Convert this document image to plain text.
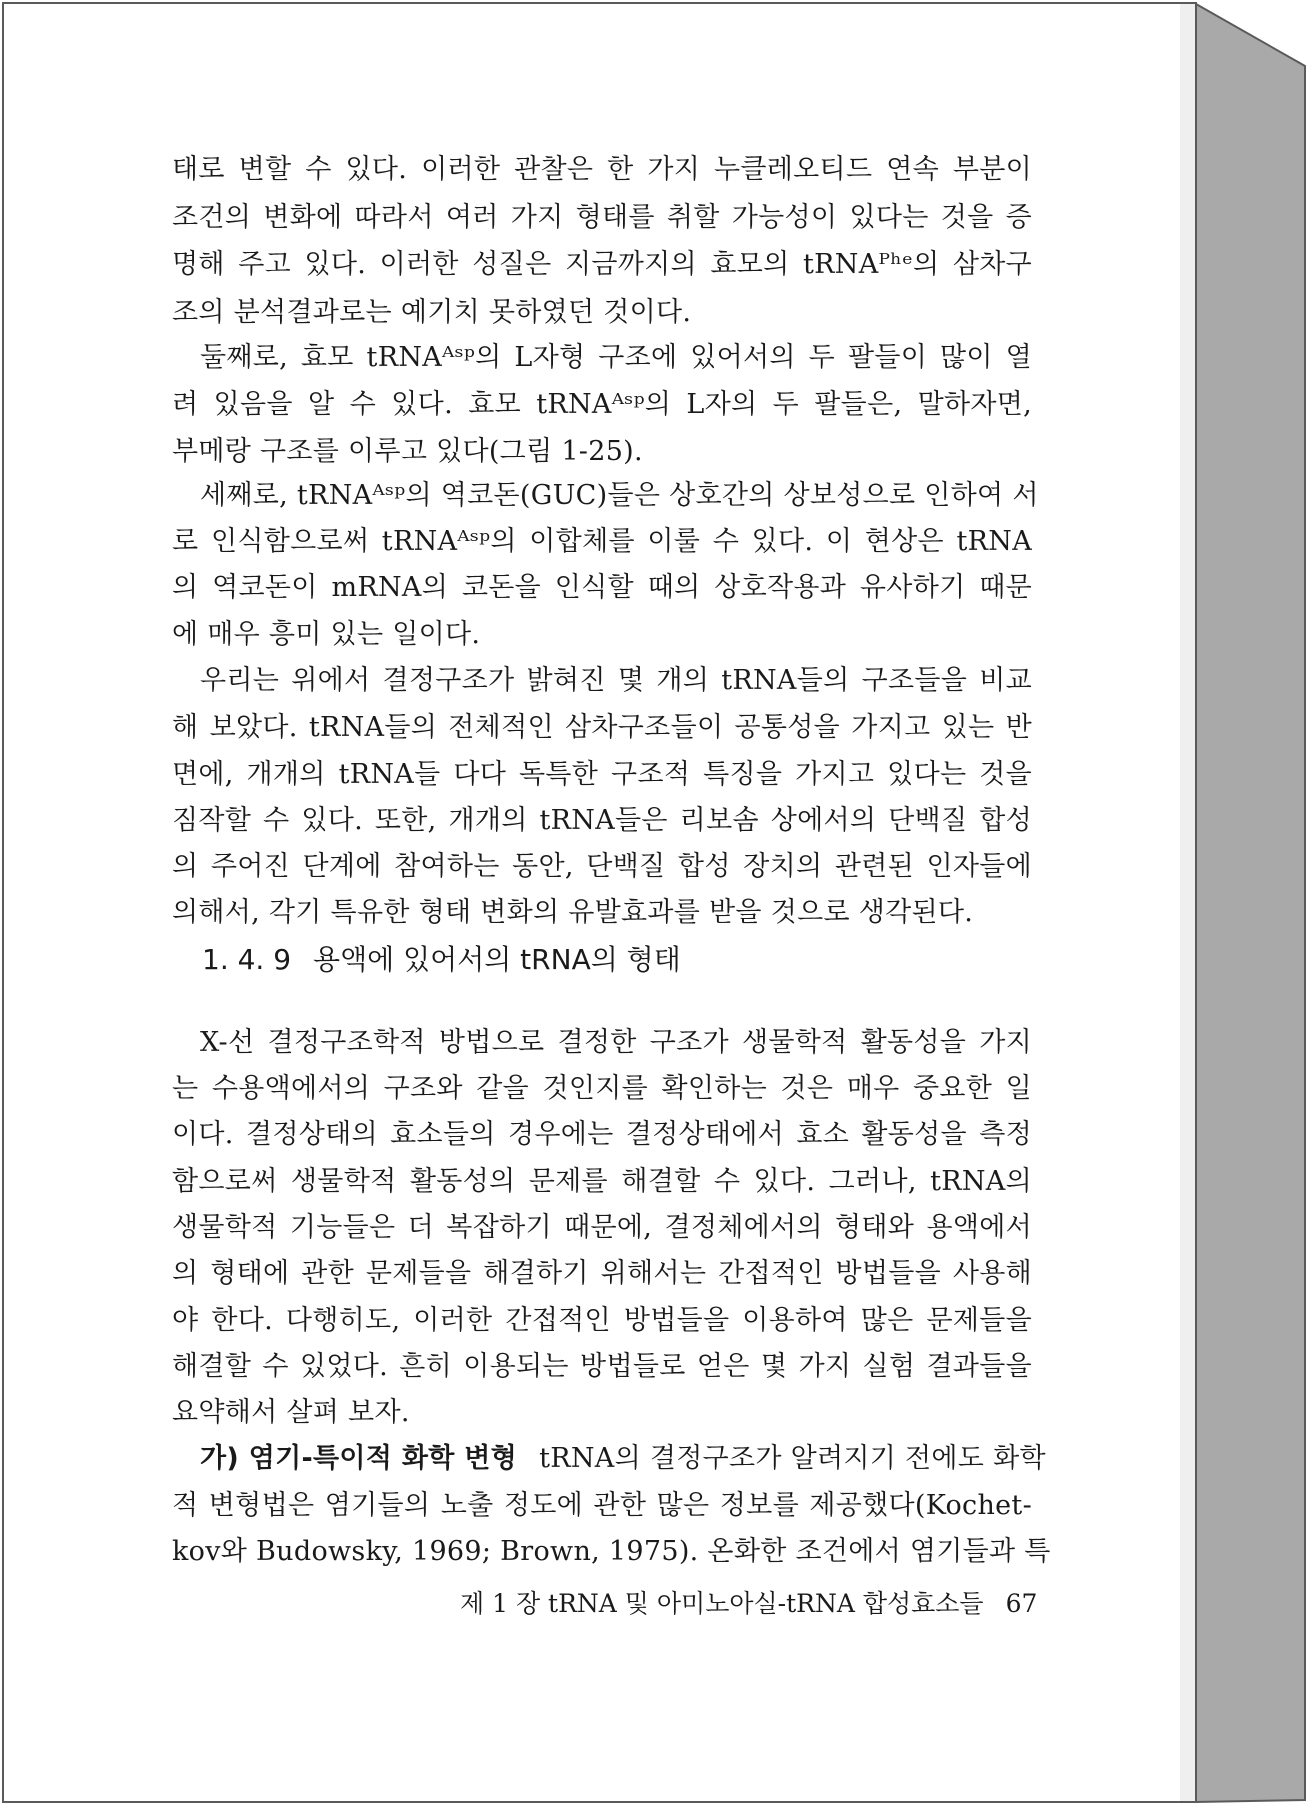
태로 변할 수 있다. 이러한 관찰은 한 가지 누클레오티드 연속 부분이
조건의 변화에 따라서 여러 가지 형태를 취할 가능성이 있다는 것을 증
명해 주고 있다. 이러한 성질은 지금까지의 효모의 tRNAᴾʰᵉ의 삼차구
조의 분석결과로는 예기치 못하였던 것이다.
둘째로, 효모 tRNAᴬˢᵖ의 L자형 구조에 있어서의 두 팔들이 많이 열
려 있음을 알 수 있다. 효모 tRNAᴬˢᵖ의 L자의 두 팔들은, 말하자면,
부메랑 구조를 이루고 있다(그림 1-25).
세째로, tRNAᴬˢᵖ의 역코돈(GUC)들은 상호간의 상보성으로 인하여 서
로 인식함으로써 tRNAᴬˢᵖ의 이합체를 이룰 수 있다. 이 현상은 tRNA
의 역코돈이 mRNA의 코돈을 인식할 때의 상호작용과 유사하기 때문
에 매우 흥미 있는 일이다.
우리는 위에서 결정구조가 밝혀진 몇 개의 tRNA들의 구조들을 비교
해 보았다. tRNA들의 전체적인 삼차구조들이 공통성을 가지고 있는 반
면에, 개개의 tRNA들 다다 독특한 구조적 특징을 가지고 있다는 것을
짐작할 수 있다. 또한, 개개의 tRNA들은 리보솜 상에서의 단백질 합성
의 주어진 단계에 참여하는 동안, 단백질 합성 장치의 관련된 인자들에
의해서, 각기 특유한 형태 변화의 유발효과를 받을 것으로 생각된다.
1. 4. 9 용액에 있어서의 tRNA의 형태
X-선 결정구조학적 방법으로 결정한 구조가 생물학적 활동성을 가지
는 수용액에서의 구조와 같을 것인지를 확인하는 것은 매우 중요한 일
이다. 결정상태의 효소들의 경우에는 결정상태에서 효소 활동성을 측정
함으로써 생물학적 활동성의 문제를 해결할 수 있다. 그러나, tRNA의
생물학적 기능들은 더 복잡하기 때문에, 결정체에서의 형태와 용액에서
의 형태에 관한 문제들을 해결하기 위해서는 간접적인 방법들을 사용해
야 한다. 다행히도, 이러한 간접적인 방법들을 이용하여 많은 문제들을
해결할 수 있었다. 흔히 이용되는 방법들로 얻은 몇 가지 실험 결과들을
요약해서 살펴 보자.
가) 염기-특이적 화학 변형 tRNA의 결정구조가 알려지기 전에도 화학
적 변형법은 염기들의 노출 정도에 관한 많은 정보를 제공했다(Kochet-
kov와 Budowsky, 1969; Brown, 1975). 온화한 조건에서 염기들과 특
제 1 장 tRNA 및 아미노아실-tRNA 합성효소들 67
